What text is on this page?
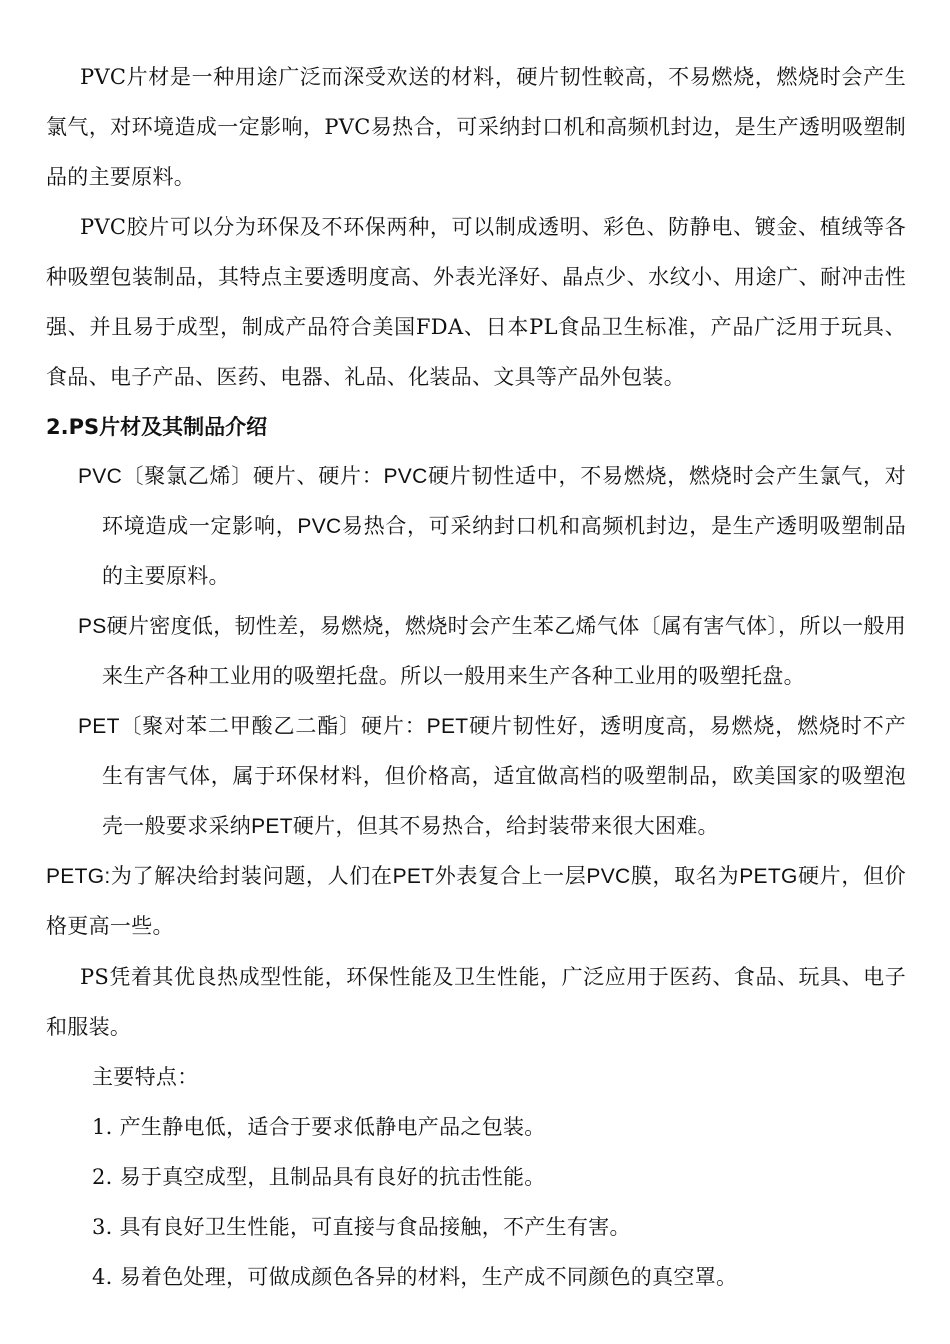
PVC片材是一种用途广泛而深受欢送的材料，硬片韧性較高，不易燃烧，燃烧时会产生氯气，对环境造成一定影响，PVC易热合，可采纳封口机和高频机封边，是生产透明吸塑制品的主要原料。

PVC胶片可以分为环保及不环保两种，可以制成透明、彩色、防静电、镀金、植绒等各种吸塑包装制品，其特点主要透明度高、外表光泽好、晶点少、水纹小、用途广、耐冲击性强、并且易于成型，制成产品符合美国FDA、日本PL食品卫生标准，产品广泛用于玩具、食品、电子产品、医药、电器、礼品、化装品、文具等产品外包装。

2.PS片材及其制品介绍

PVC〔聚氯乙烯〕硬片、硬片：PVC硬片韧性适中，不易燃烧，燃烧时会产生氯气，对环境造成一定影响，PVC易热合，可采纳封口机和高频机封边，是生产透明吸塑制品的主要原料。

PS硬片密度低，韧性差，易燃烧，燃烧时会产生苯乙烯气体〔属有害气体〕，所以一般用来生产各种工业用的吸塑托盘。所以一般用来生产各种工业用的吸塑托盘。

PET〔聚对苯二甲酸乙二酯〕硬片：PET硬片韧性好，透明度高，易燃烧，燃烧时不产生有害气体，属于环保材料，但价格高，适宜做高档的吸塑制品，欧美国家的吸塑泡壳一般要求采纳PET硬片，但其不易热合，给封装带来很大困难。

PETG:为了解决给封装问题，人们在PET外表复合上一层PVC膜，取名为PETG硬片，但价格更高一些。

PS凭着其优良热成型性能，环保性能及卫生性能，广泛应用于医药、食品、玩具、电子和服装。

主要特点：

1. 产生静电低，适合于要求低静电产品之包装。

2. 易于真空成型，且制品具有良好的抗击性能。

3. 具有良好卫生性能，可直接与食品接触，不产生有害。

4. 易着色处理，可做成颜色各异的材料，生产成不同颜色的真空罩。
